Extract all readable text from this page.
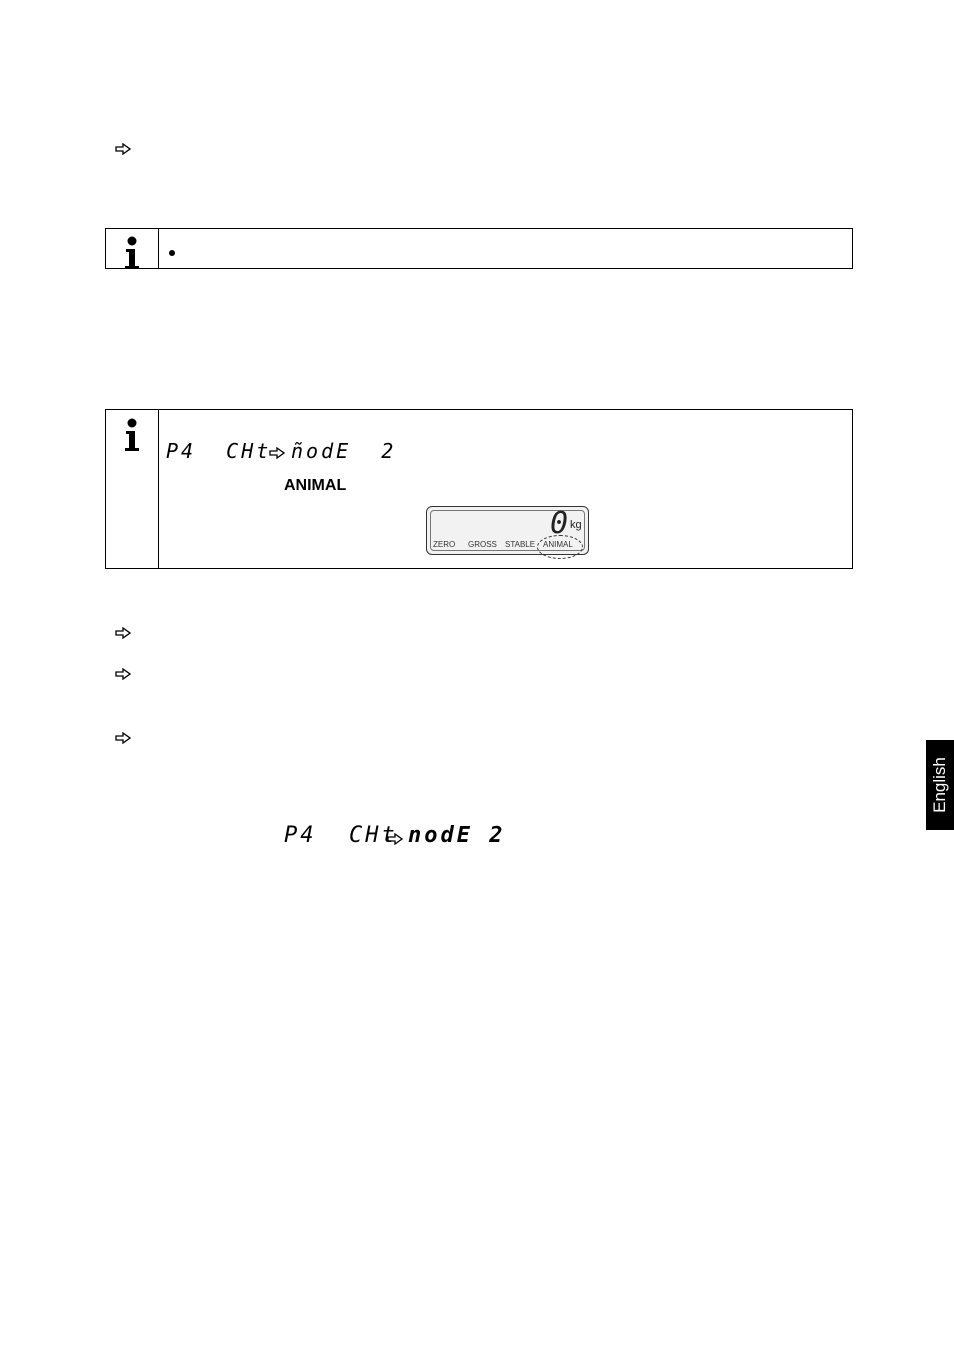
P4  CHt ñodE  2
ANIMAL
0 kg
ZERO GROSS STABLE ANIMAL
P4  CHt nodE 2
English
